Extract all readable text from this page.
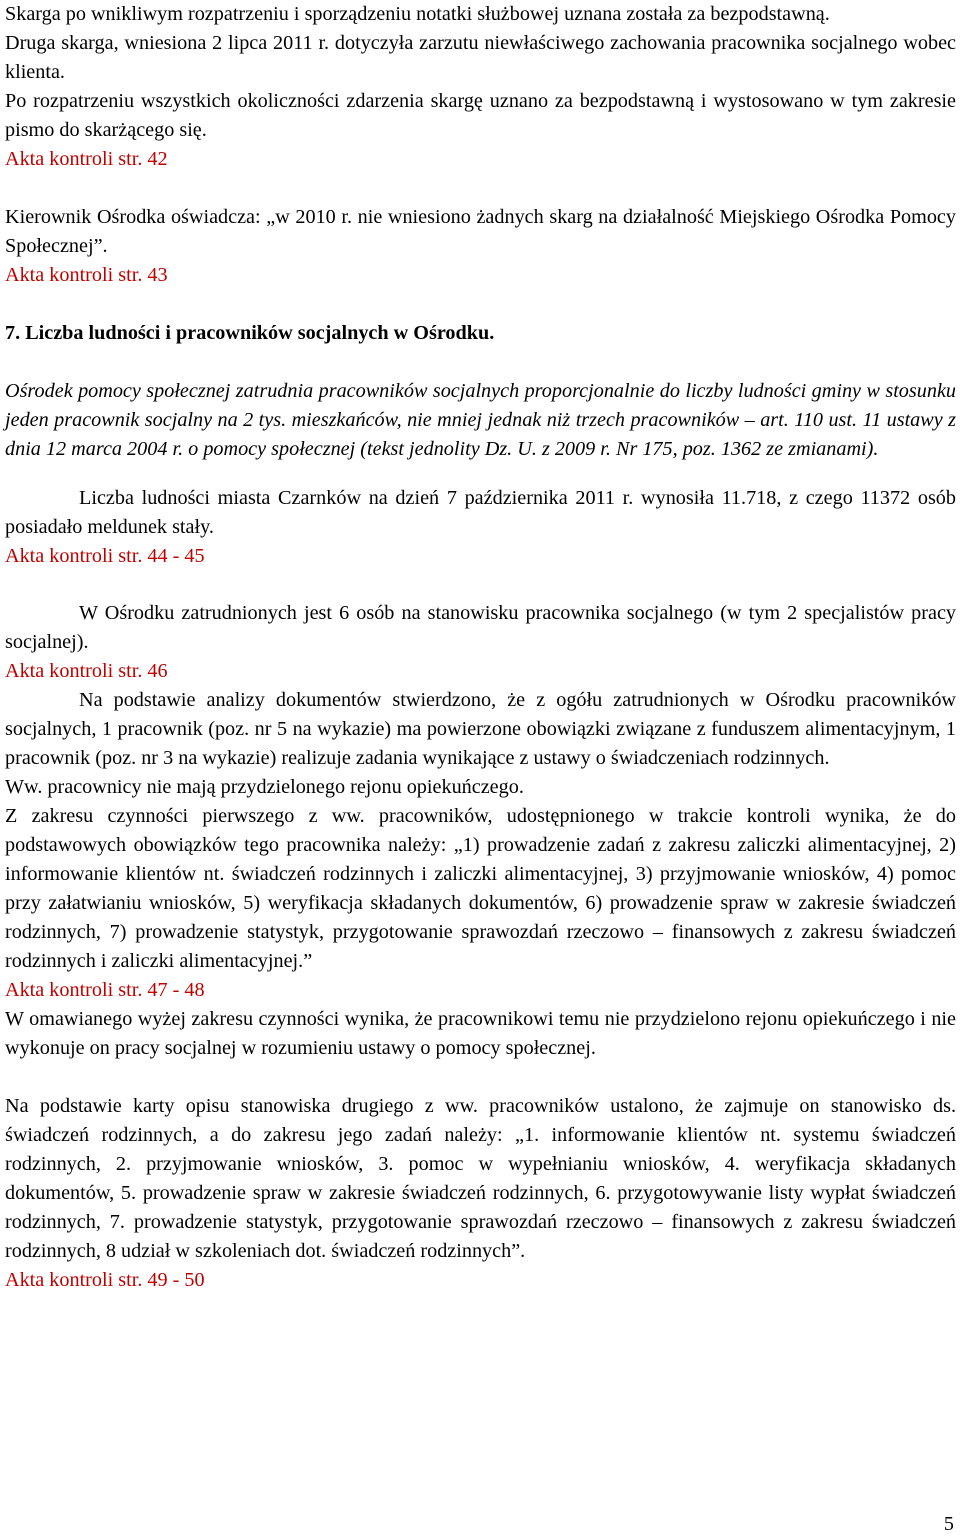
Skarga po wnikliwym rozpatrzeniu i sporządzeniu notatki służbowej uznana została za bezpodstawną.

Druga skarga, wniesiona 2 lipca 2011 r. dotyczyła zarzutu niewłaściwego zachowania pracownika socjalnego wobec klienta.

Po rozpatrzeniu wszystkich okoliczności zdarzenia skargę uznano za bezpodstawną i wystosowano w tym zakresie pismo do skarżącego się.

Akta kontroli str. 42

Kierownik Ośrodka oświadcza: „w 2010 r. nie wniesiono żadnych skarg na działalność Miejskiego Ośrodka Pomocy Społecznej”.

Akta kontroli str. 43

7. Liczba ludności i pracowników socjalnych w Ośrodku.

Ośrodek pomocy społecznej zatrudnia pracowników socjalnych proporcjonalnie do liczby ludności gminy w stosunku jeden pracownik socjalny na 2 tys. mieszkańców, nie mniej jednak niż trzech pracowników – art. 110 ust. 11 ustawy z dnia 12 marca 2004 r. o pomocy społecznej (tekst jednolity Dz. U. z 2009 r. Nr 175, poz. 1362 ze zmianami).

Liczba ludności miasta Czarnków na dzień 7 października 2011 r. wynosiła 11.718, z czego 11372 osób posiadało meldunek stały.

Akta kontroli str. 44 - 45

W Ośrodku zatrudnionych jest 6 osób na stanowisku pracownika socjalnego (w tym 2 specjalistów pracy socjalnej).

Akta kontroli str. 46

Na podstawie analizy dokumentów stwierdzono, że z ogółu zatrudnionych w Ośrodku pracowników socjalnych, 1 pracownik (poz. nr 5 na wykazie) ma powierzone obowiązki związane z funduszem alimentacyjnym, 1 pracownik (poz. nr 3 na wykazie) realizuje zadania wynikające z ustawy o świadczeniach rodzinnych.

Ww. pracownicy nie mają przydzielonego rejonu opiekuńczego.

Z zakresu czynności pierwszego z ww. pracowników, udostępnionego w trakcie kontroli wynika, że do podstawowych obowiązków tego pracownika należy: „1) prowadzenie zadań z zakresu zaliczki alimentacyjnej, 2) informowanie klientów nt. świadczeń rodzinnych i zaliczki alimentacyjnej, 3) przyjmowanie wniosków, 4) pomoc przy załatwianiu wniosków, 5) weryfikacja składanych dokumentów, 6) prowadzenie spraw w zakresie świadczeń rodzinnych, 7) prowadzenie statystyk, przygotowanie sprawozdań rzeczowo – finansowych z zakresu świadczeń rodzinnych i zaliczki alimentacyjnej.”

Akta kontroli str. 47 - 48

W omawianego wyżej zakresu czynności wynika, że pracownikowi temu nie przydzielono rejonu opiekuńczego i nie wykonuje on pracy socjalnej w rozumieniu ustawy o pomocy społecznej.

Na podstawie karty opisu stanowiska drugiego z ww. pracowników ustalono, że zajmuje on stanowisko ds. świadczeń rodzinnych, a do zakresu jego zadań należy: „1. informowanie klientów nt. systemu świadczeń rodzinnych, 2. przyjmowanie wniosków, 3. pomoc w wypełnianiu wniosków, 4. weryfikacja składanych dokumentów, 5. prowadzenie spraw w zakresie świadczeń rodzinnych, 6. przygotowywanie listy wypłat świadczeń rodzinnych, 7. prowadzenie statystyk, przygotowanie sprawozdań rzeczowo – finansowych z zakresu świadczeń rodzinnych, 8 udział w szkoleniach dot. świadczeń rodzinnych”.

Akta kontroli str. 49 - 50

5
